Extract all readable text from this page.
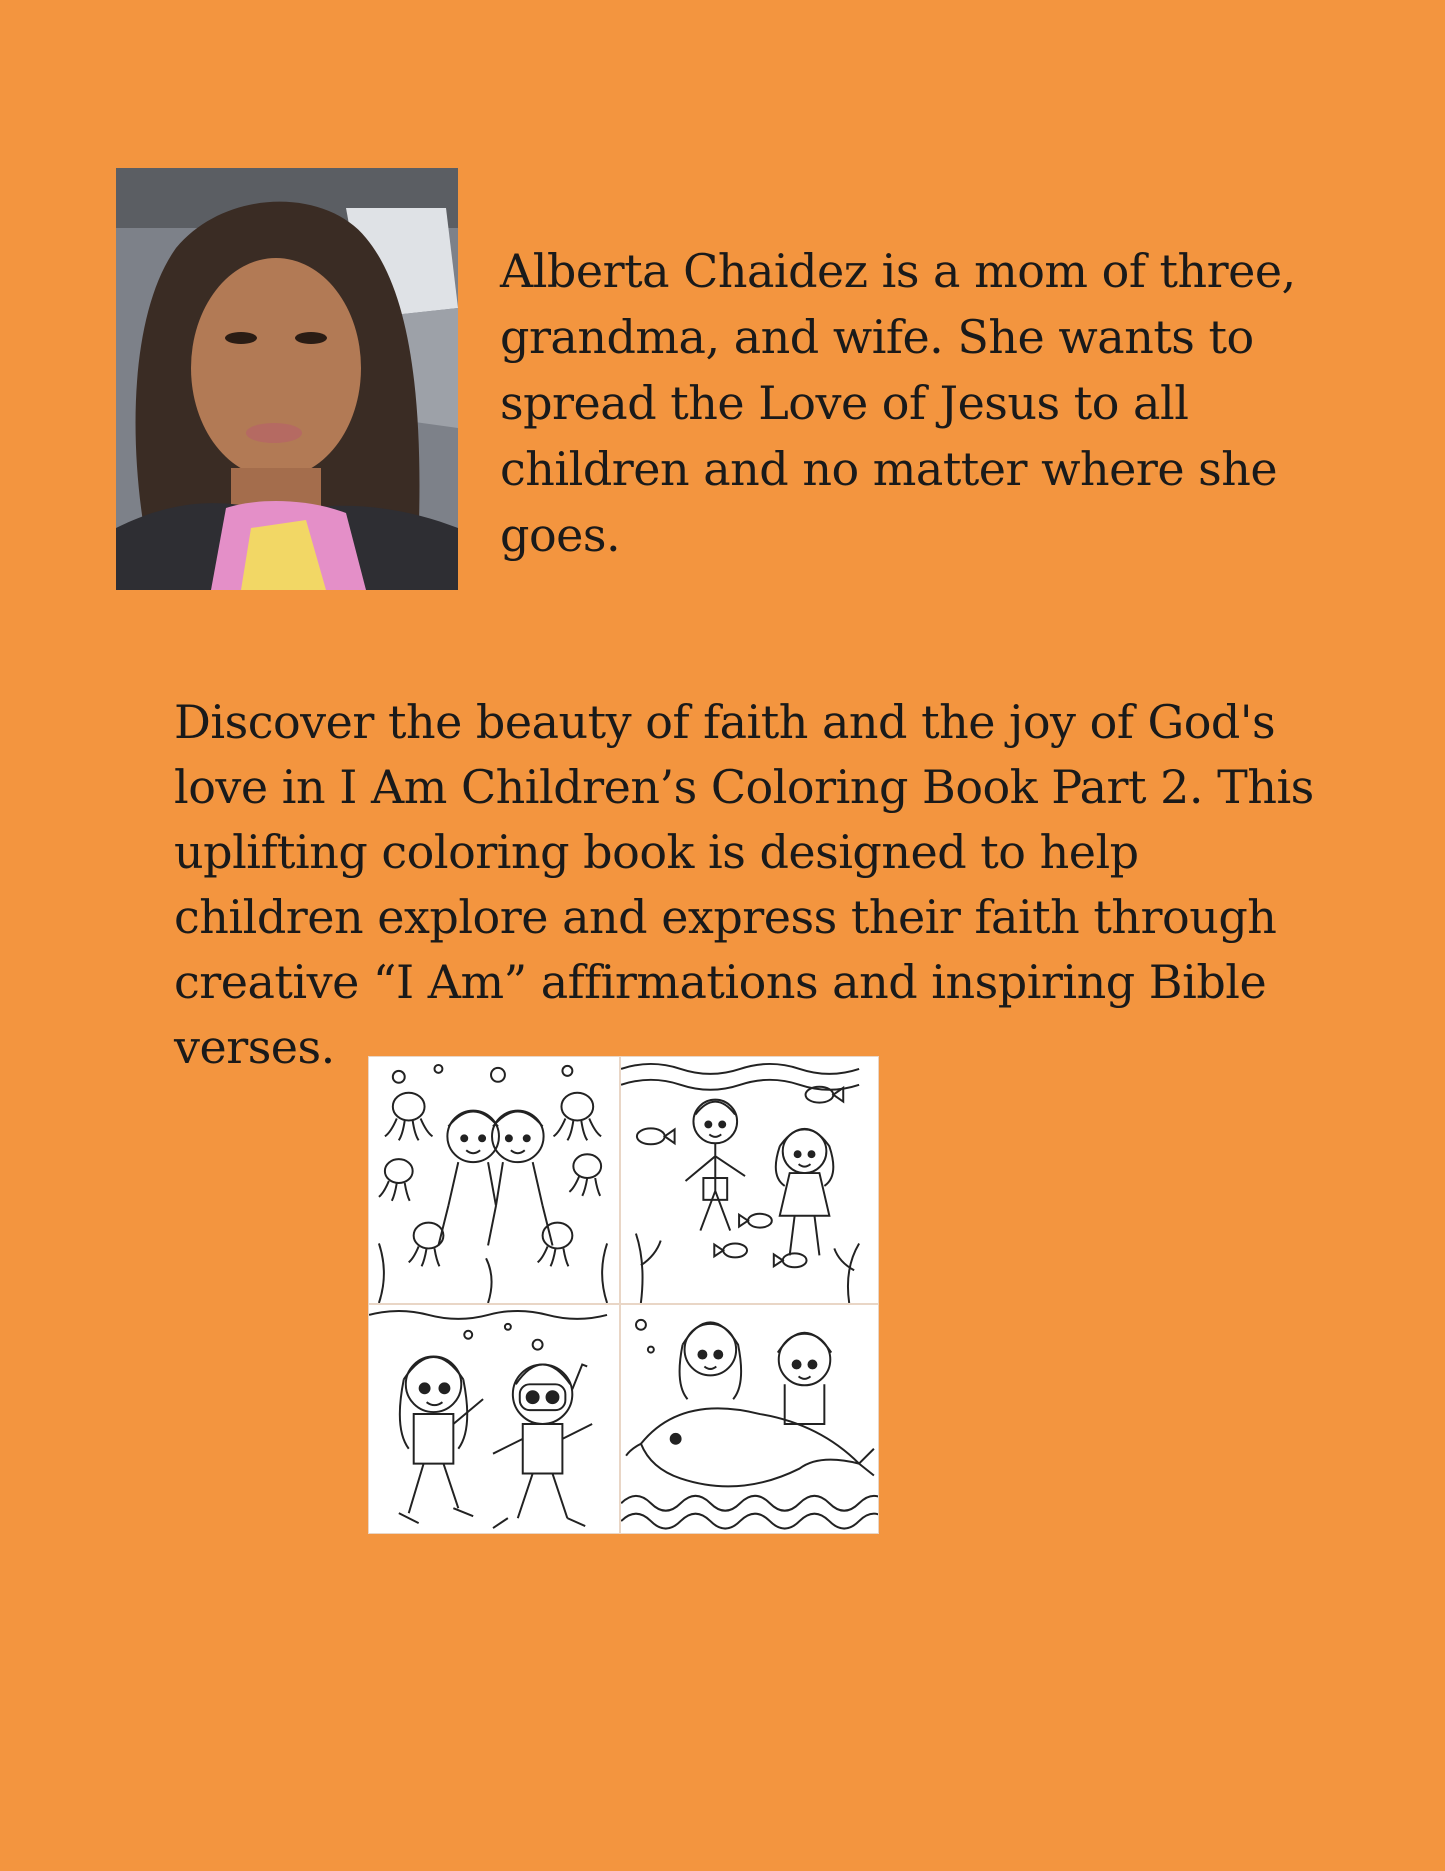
Alberta Chaidez is a mom of three, grandma, and wife. She wants to spread the Love of Jesus to all children and no matter where she goes.

Discover the beauty of faith and the joy of God's love in I Am Children’s Coloring Book Part 2. This uplifting coloring book is designed to help children explore and express their faith through creative “I Am” affirmations and inspiring Bible verses.
